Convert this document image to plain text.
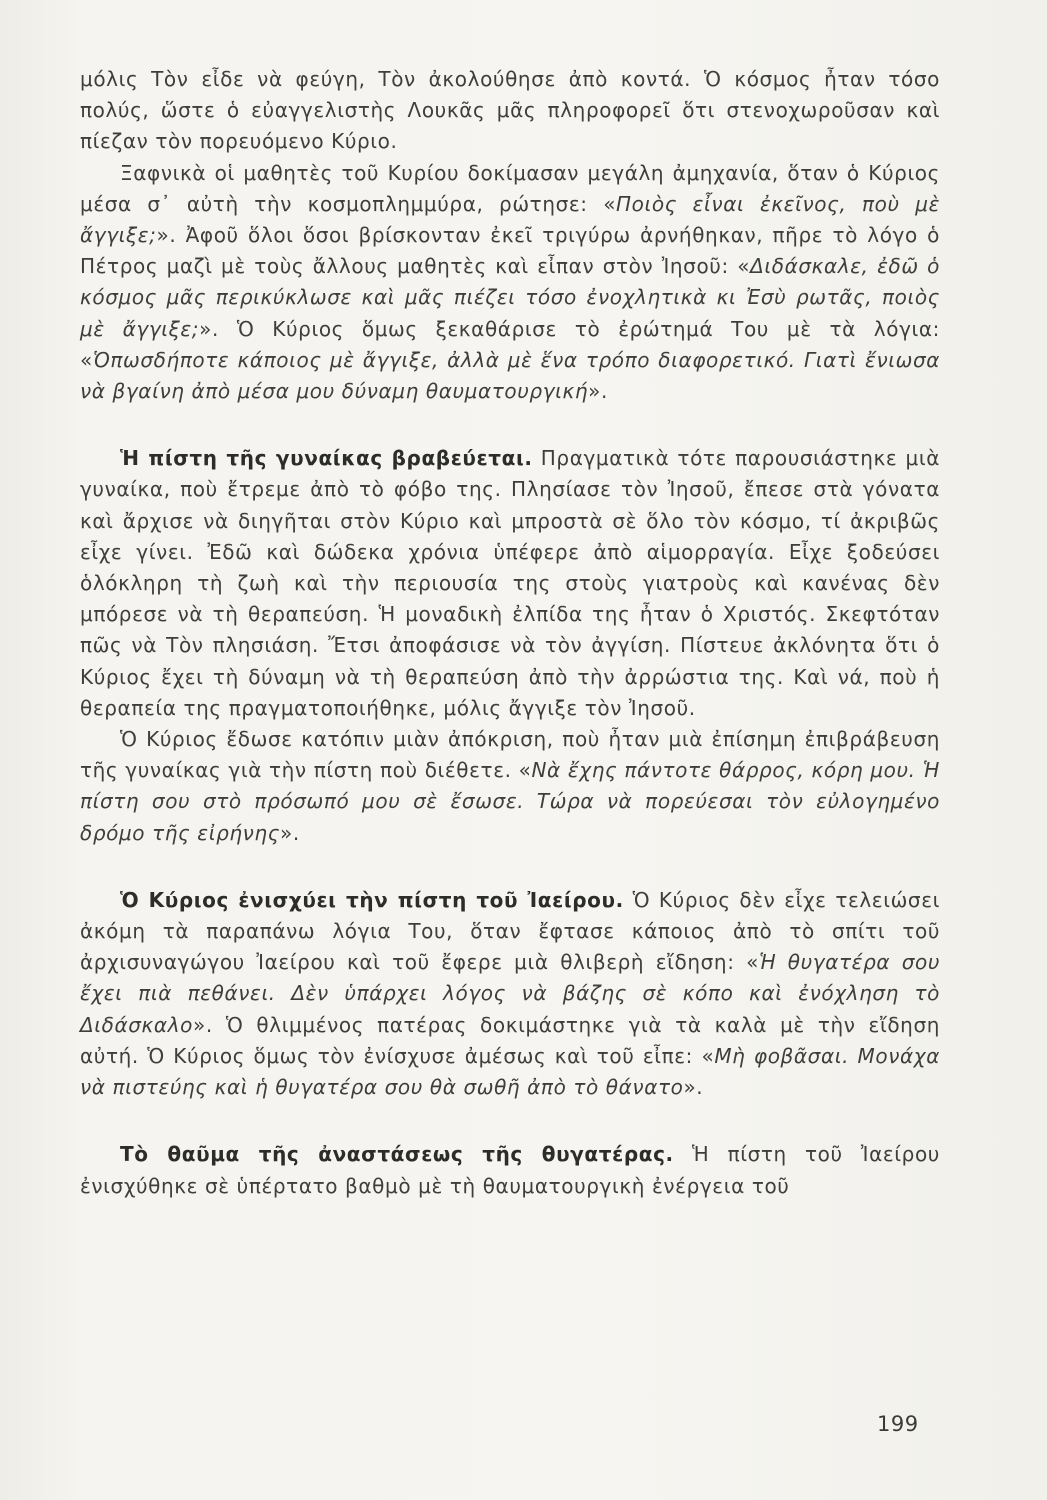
μόλις Τὸν εἶδε νὰ φεύγη, Τὸν ἀκολούθησε ἀπὸ κοντά. Ὁ κόσμος ἦταν τόσο πολύς, ὥστε ὁ εὐαγγελιστὴς Λουκᾶς μᾶς πληροφορεῖ ὅτι στενοχωροῦσαν καὶ πίεζαν τὸν πορευόμενο Κύριο.

Ξαφνικὰ οἱ μαθητὲς τοῦ Κυρίου δοκίμασαν μεγάλη ἀμηχανία, ὅταν ὁ Κύριος μέσα σ᾽ αὐτὴ τὴν κοσμοπλημμύρα, ρώτησε: «Ποιὸς εἶναι ἐκεῖνος, ποὺ μὲ ἄγγιξε;». Ἀφοῦ ὅλοι ὅσοι βρίσκονταν ἐκεῖ τριγύρω ἀρνήθηκαν, πῆρε τὸ λόγο ὁ Πέτρος μαζὶ μὲ τοὺς ἄλλους μαθητὲς καὶ εἶπαν στὸν Ἰησοῦ: «Διδάσκαλε, ἐδῶ ὁ κόσμος μᾶς περικύκλωσε καὶ μᾶς πιέζει τόσο ἐνοχλητικὰ κι Ἐσὺ ρωτᾶς, ποιὸς μὲ ἄγγιξε;». Ὁ Κύριος ὅμως ξεκαθάρισε τὸ ἐρώτημά Του μὲ τὰ λόγια: «Ὁπωσδήποτε κάποιος μὲ ἄγγιξε, ἀλλὰ μὲ ἕνα τρόπο διαφορετικό. Γιατὶ ἔνιωσα νὰ βγαίνη ἀπὸ μέσα μου δύναμη θαυματουργική».

Ἡ πίστη τῆς γυναίκας βραβεύεται. Πραγματικὰ τότε παρουσιάστηκε μιὰ γυναίκα, ποὺ ἔτρεμε ἀπὸ τὸ φόβο της. Πλησίασε τὸν Ἰησοῦ, ἔπεσε στὰ γόνατα καὶ ἄρχισε νὰ διηγῆται στὸν Κύριο καὶ μπροστὰ σὲ ὅλο τὸν κόσμο, τί ἀκριβῶς εἶχε γίνει. Ἐδῶ καὶ δώδεκα χρόνια ὑπέφερε ἀπὸ αἱμορραγία. Εἶχε ξοδεύσει ὁλόκληρη τὴ ζωὴ καὶ τὴν περιουσία της στοὺς γιατροὺς καὶ κανένας δὲν μπόρεσε νὰ τὴ θεραπεύση. Ἡ μοναδικὴ ἐλπίδα της ἦταν ὁ Χριστός. Σκεφτόταν πῶς νὰ Τὸν πλησιάση. Ἔτσι ἀποφάσισε νὰ τὸν ἀγγίση. Πίστευε ἀκλόνητα ὅτι ὁ Κύριος ἔχει τὴ δύναμη νὰ τὴ θεραπεύση ἀπὸ τὴν ἀρρώστια της. Καὶ νά, ποὺ ἡ θεραπεία της πραγματοποιήθηκε, μόλις ἄγγιξε τὸν Ἰησοῦ.

Ὁ Κύριος ἔδωσε κατόπιν μιὰν ἀπόκριση, ποὺ ἦταν μιὰ ἐπίσημη ἐπιβράβευση τῆς γυναίκας γιὰ τὴν πίστη ποὺ διέθετε. «Νὰ ἔχης πάντοτε θάρρος, κόρη μου. Ἡ πίστη σου στὸ πρόσωπό μου σὲ ἔσωσε. Τώρα νὰ πορεύεσαι τὸν εὐλογημένο δρόμο τῆς εἰρήνης».

Ὁ Κύριος ἐνισχύει τὴν πίστη τοῦ Ἰαείρου. Ὁ Κύριος δὲν εἶχε τελειώσει ἀκόμη τὰ παραπάνω λόγια Του, ὅταν ἔφτασε κάποιος ἀπὸ τὸ σπίτι τοῦ ἀρχισυναγώγου Ἰαείρου καὶ τοῦ ἔφερε μιὰ θλιβερὴ εἴδηση: «Ἡ θυγατέρα σου ἔχει πιὰ πεθάνει. Δὲν ὑπάρχει λόγος νὰ βάζης σὲ κόπο καὶ ἐνόχληση τὸ Διδάσκαλο». Ὁ θλιμμένος πατέρας δοκιμάστηκε γιὰ τὰ καλὰ μὲ τὴν εἴδηση αὐτή. Ὁ Κύριος ὅμως τὸν ἐνίσχυσε ἀμέσως καὶ τοῦ εἶπε: «Μὴ φοβᾶσαι. Μονάχα νὰ πιστεύης καὶ ἡ θυγατέρα σου θὰ σωθῆ ἀπὸ τὸ θάνατο».

Τὸ θαῦμα τῆς ἀναστάσεως τῆς θυγατέρας. Ἡ πίστη τοῦ Ἰαείρου ἐνισχύθηκε σὲ ὑπέρτατο βαθμὸ μὲ τὴ θαυματουργικὴ ἐνέργεια τοῦ

199
